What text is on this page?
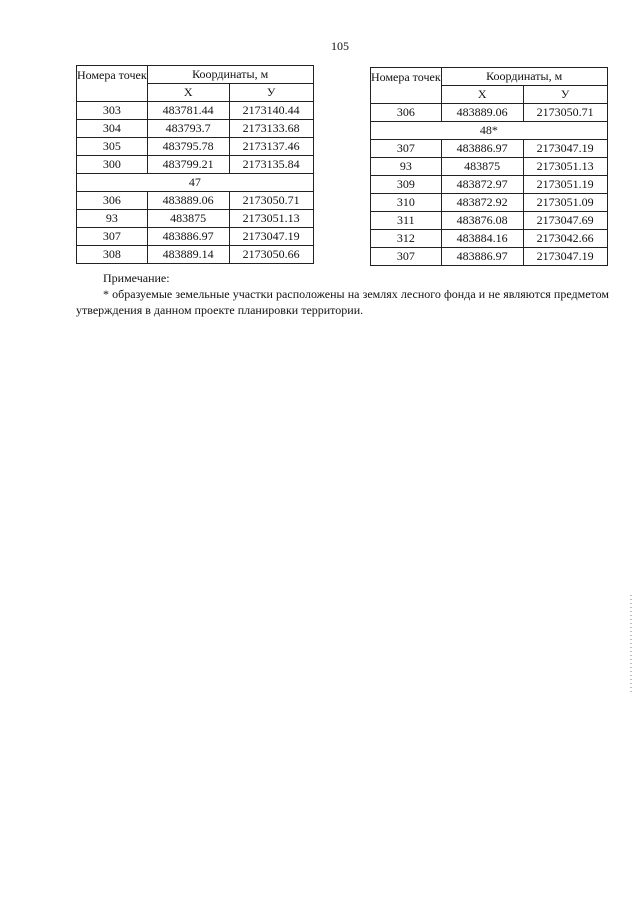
105
Номера точек	Координаты, м	
	X	У
303	483781.44	2173140.44
304	483793.7	2173133.68
305	483795.78	2173137.46
300	483799.21	2173135.84
47		
306	483889.06	2173050.71
93	483875	2173051.13
307	483886.97	2173047.19
308	483889.14	2173050.66
Номера точек	Координаты, м	
	X	У
306	483889.06	2173050.71
48*		
307	483886.97	2173047.19
93	483875	2173051.13
309	483872.97	2173051.19
310	483872.92	2173051.09
311	483876.08	2173047.69
312	483884.16	2173042.66
307	483886.97	2173047.19

Примечание:

* образуемые земельные участки расположены на землях лесного фонда и не являются предметом утверждения в данном проекте планировки территории.
